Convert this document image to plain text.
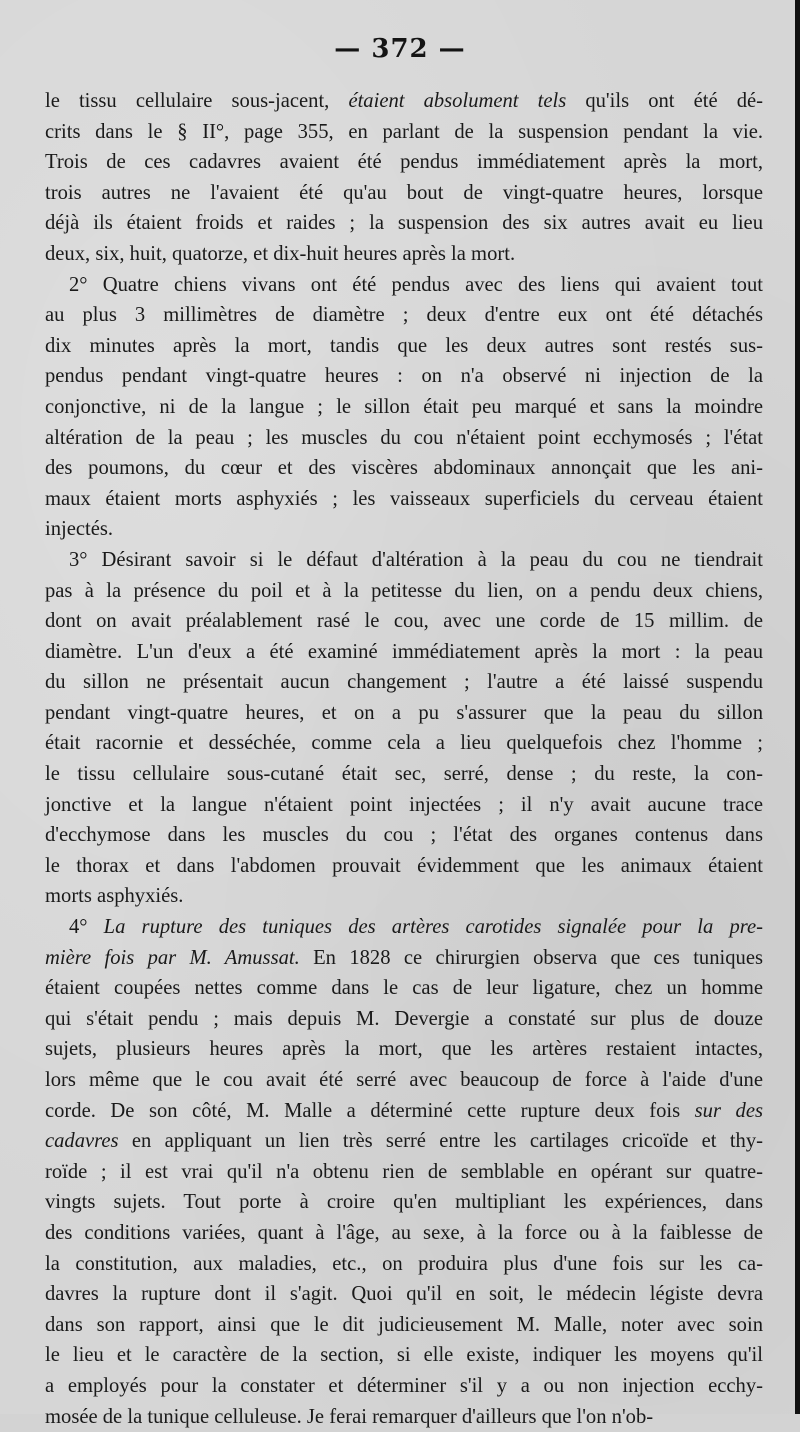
— 372 —
le tissu cellulaire sous-jacent, étaient absolument tels qu'ils ont été dé-
crits dans le § II°, page 355, en parlant de la suspension pendant la vie.
Trois de ces cadavres avaient été pendus immédiatement après la mort,
trois autres ne l'avaient été qu'au bout de vingt-quatre heures, lorsque
déjà ils étaient froids et raides ; la suspension des six autres avait eu lieu
deux, six, huit, quatorze, et dix-huit heures après la mort.
2° Quatre chiens vivans ont été pendus avec des liens qui avaient tout
au plus 3 millimètres de diamètre ; deux d'entre eux ont été détachés
dix minutes après la mort, tandis que les deux autres sont restés sus-
pendus pendant vingt-quatre heures : on n'a observé ni injection de la
conjonctive, ni de la langue ; le sillon était peu marqué et sans la moindre
altération de la peau ; les muscles du cou n'étaient point ecchymosés ; l'état
des poumons, du cœur et des viscères abdominaux annonçait que les ani-
maux étaient morts asphyxiés ; les vaisseaux superficiels du cerveau étaient
injectés.
3° Désirant savoir si le défaut d'altération à la peau du cou ne tiendrait
pas à la présence du poil et à la petitesse du lien, on a pendu deux chiens,
dont on avait préalablement rasé le cou, avec une corde de 15 millim. de
diamètre. L'un d'eux a été examiné immédiatement après la mort : la peau
du sillon ne présentait aucun changement ; l'autre a été laissé suspendu
pendant vingt-quatre heures, et on a pu s'assurer que la peau du sillon
était racornie et desséchée, comme cela a lieu quelquefois chez l'homme ;
le tissu cellulaire sous-cutané était sec, serré, dense ; du reste, la con-
jonctive et la langue n'étaient point injectées ; il n'y avait aucune trace
d'ecchymose dans les muscles du cou ; l'état des organes contenus dans
le thorax et dans l'abdomen prouvait évidemment que les animaux étaient
morts asphyxiés.
4° La rupture des tuniques des artères carotides signalée pour la pre-
mière fois par M. Amussat. En 1828 ce chirurgien observa que ces tuniques
étaient coupées nettes comme dans le cas de leur ligature, chez un homme
qui s'était pendu ; mais depuis M. Devergie a constaté sur plus de douze
sujets, plusieurs heures après la mort, que les artères restaient intactes,
lors même que le cou avait été serré avec beaucoup de force à l'aide d'une
corde. De son côté, M. Malle a déterminé cette rupture deux fois sur des
cadavres en appliquant un lien très serré entre les cartilages cricoïde et thy-
roïde ; il est vrai qu'il n'a obtenu rien de semblable en opérant sur quatre-
vingts sujets. Tout porte à croire qu'en multipliant les expériences, dans
des conditions variées, quant à l'âge, au sexe, à la force ou à la faiblesse de
la constitution, aux maladies, etc., on produira plus d'une fois sur les ca-
davres la rupture dont il s'agit. Quoi qu'il en soit, le médecin légiste devra
dans son rapport, ainsi que le dit judicieusement M. Malle, noter avec soin
le lieu et le caractère de la section, si elle existe, indiquer les moyens qu'il
a employés pour la constater et déterminer s'il y a ou non injection ecchy-
mosée de la tunique celluleuse. Je ferai remarquer d'ailleurs que l'on n'ob-
